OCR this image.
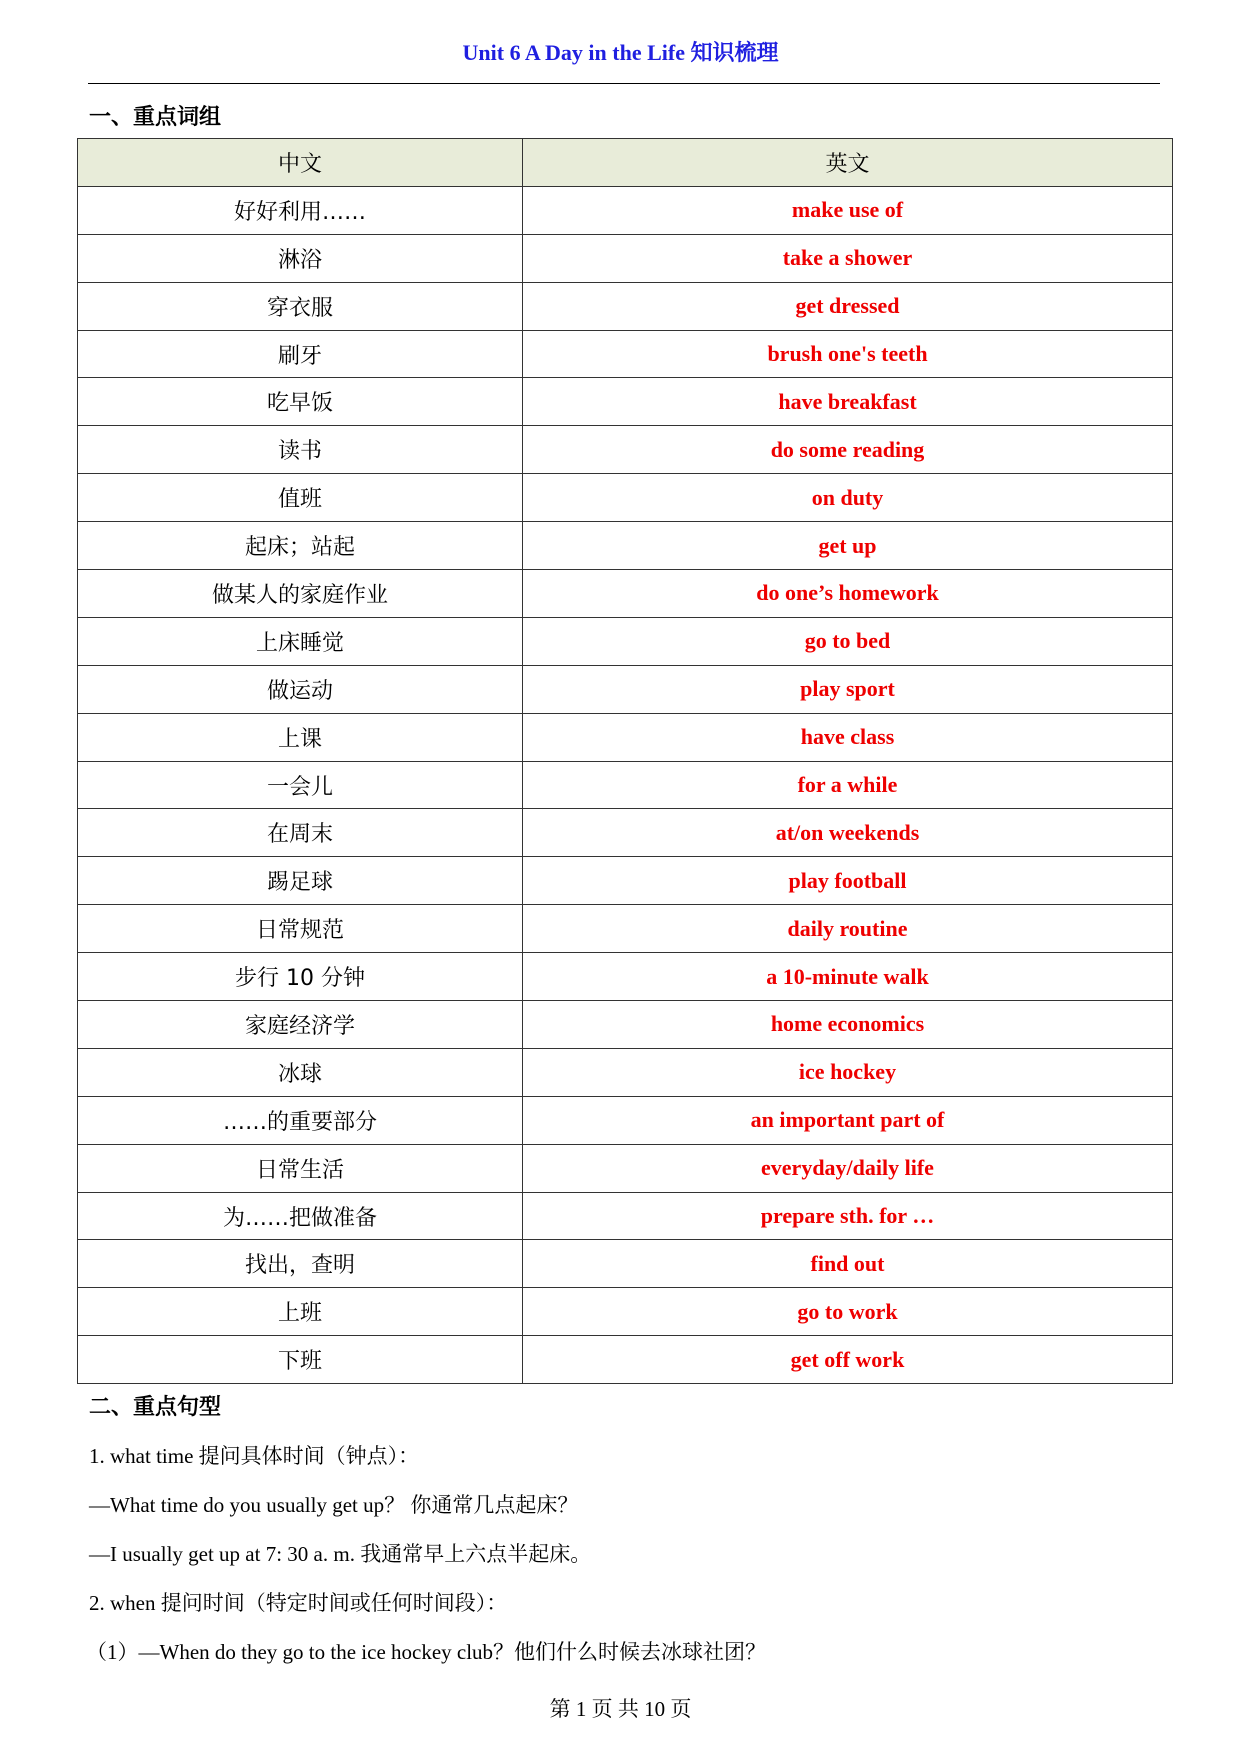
Unit 6 A Day in the Life 知识梳理
一、重点词组
中文	英文
好好利用……	make use of
淋浴	take a shower
穿衣服	get dressed
刷牙	brush one's teeth
吃早饭	have breakfast
读书	do some reading
值班	on duty
起床；站起	get up
做某人的家庭作业	do one’s homework
上床睡觉	go to bed
做运动	play sport
上课	have class
一会儿	for a while
在周末	at/on weekends
踢足球	play football
日常规范	daily routine
步行 10 分钟	a 10-minute walk
家庭经济学	home economics
冰球	ice hockey
……的重要部分	an important part of
日常生活	everyday/daily life
为……把做准备	prepare sth. for …
找出，查明	find out
上班	go to work
下班	get off work
二、重点句型
1. what time 提问具体时间（钟点）：
—What time do you usually get up？ 你通常几点起床？
—I usually get up at 7: 30 a. m. 我通常早上六点半起床。
2. when 提问时间（特定时间或任何时间段）：
（1）—When do they go to the ice hockey club？他们什么时候去冰球社团？
第 1 页 共 10 页
